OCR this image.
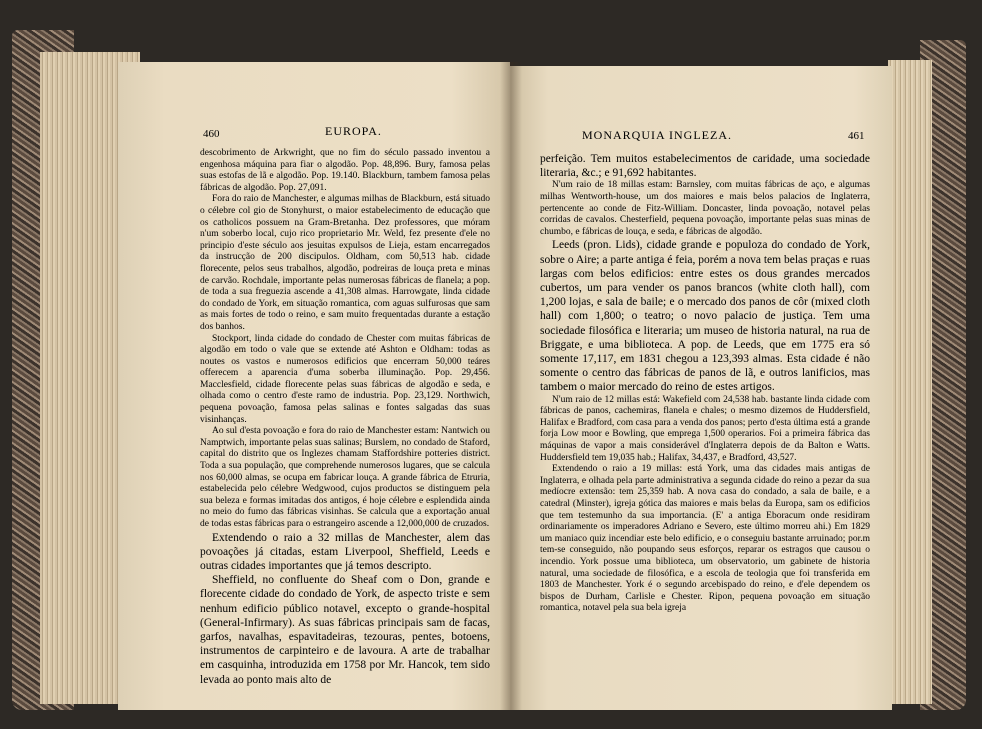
460	EUROPA.	MONARQUIA INGLEZA.	461

descobrimento de Arkwright, que no fim do século passado inventou a engenhosa máquina para fiar o algodão. Pop. 48,896. Bury, famosa pelas suas estofas de lã e algodão. Pop. 19.140. Blackburn, tambem famosa pelas fábricas de algodão. Pop. 27,091.

Fora do raio de Manchester, e algumas milhas de Blackburn, está situado o célebre col gio de Stonyhurst, o maior estabelecimento de educação que os catholicos possuem na Gram-Bretanha. Dez professores, que móram n'um soberbo local, cujo rico proprietario Mr. Weld, fez presente d'ele no principio d'este século aos jesuitas expulsos de Lieja, estam encarregados da instrucção de 200 discipulos. Oldham, com 50,513 hab. cidade florecente, pelos seus trabalhos, algodão, podreiras de louça preta e minas de carvão. Rochdale, importante pelas numerosas fábricas de flanela; a pop. de toda a sua freguezia ascende a 41,308 almas. Harrowgate, linda cidade do condado de York, em situação romantica, com aguas sulfurosas que sam as mais fortes de todo o reino, e sam muito frequentadas durante a estação dos banhos.

Stockport, linda cidade do condado de Chester com muitas fábricas de algodão em todo o vale que se extende até Ashton e Oldham: todas as noutes os vastos e numerosos edificios que encerram 50,000 teáres offerecem a aparencia d'uma soberba illuminação. Pop. 29,456. Macclesfield, cidade florecente pelas suas fábricas de algodão e seda, e olhada como o centro d'este ramo de industria. Pop. 23,129. Northwich, pequena povoação, famosa pelas salinas e fontes salgadas das suas visinhanças.

Ao sul d'esta povoação e fora do raio de Manchester estam: Nantwich ou Namptwich, importante pelas suas salinas; Burslem, no condado de Staford, capital do distrito que os Inglezes chamam Staffordshire potteries district. Toda a sua população, que comprehende numerosos lugares, que se calcula nos 60,000 almas, se ocupa em fabricar louça. A grande fábrica de Etruria, estabelecida pelo célebre Wedgwood, cujos productos se distinguem pela sua beleza e formas imitadas dos antigos, é hoje célebre e esplendida ainda no meio do fumo das fábricas visinhas. Se calcula que a exportação anual de todas estas fábricas para o estrangeiro ascende a 12,000,000 de cruzados.

Extendendo o raio a 32 millas de Manchester, alem das povoações já citadas, estam Liverpool, Sheffield, Leeds e outras cidades importantes que já temos descripto.

Sheffield, no confluente do Sheaf com o Don, grande e florecente cidade do condado de York, de aspecto triste e sem nenhum edificio público notavel, excepto o grande-hospital (General-Infirmary). As suas fábricas principais sam de facas, garfos, navalhas, espavitadeiras, tezouras, pentes, botoens, instrumentos de carpinteiro e de lavoura. A arte de trabalhar em casquinha, introduzida em 1758 por Mr. Hancok, tem sido levada ao ponto mais alto de

perfeição. Tem muitos estabelecimentos de caridade, uma sociedade literaria, &c.; e 91,692 habitantes.

N'um raio de 18 millas estam: Barnsley, com muitas fábricas de aço, e algumas milhas Wentworth-house, um dos maiores e mais belos palacios de Inglaterra, pertencente ao conde de Fitz-William. Doncaster, linda povoação, notavel pelas corridas de cavalos. Chesterfield, pequena povoação, importante pelas suas minas de chumbo, e fábricas de louça, e seda, e fábricas de algodão.

Leeds (pron. Lids), cidade grande e populoza do condado de York, sobre o Aire; a parte antiga é feia, porém a nova tem belas praças e ruas largas com belos edificios: entre estes os dous grandes mercados cubertos, um para vender os panos brancos (white cloth hall), com 1,200 lojas, e sala de baile; e o mercado dos panos de côr (mixed cloth hall) com 1,800; o teatro; o novo palacio de justiça. Tem uma sociedade filosófica e literaria; um museo de historia natural, na rua de Briggate, e uma biblioteca. A pop. de Leeds, que em 1775 era só somente 17,117, em 1831 chegou a 123,393 almas. Esta cidade é não somente o centro das fábricas de panos de lã, e outros lanificios, mas tambem o maior mercado do reino de estes artigos.

N'um raio de 12 millas está: Wakefield com 24,538 hab. bastante linda cidade com fábricas de panos, cachemiras, flanela e chales; o mesmo dizemos de Huddersfield, Halifax e Bradford, com casa para a venda dos panos; perto d'esta última está a grande forja Low moor e Bowling, que emprega 1,500 operarios. Foi a primeira fábrica das máquinas de vapor a mais considerável d'Inglaterra depois de da Balton e Watts. Huddersfield tem 19,035 hab.; Halifax, 34,437, e Bradford, 43,527.

Extendendo o raio a 19 millas: está York, uma das cidades mais antigas de Inglaterra, e olhada pela parte administrativa a segunda cidade do reino a pezar da sua medíocre extensão: tem 25,359 hab. A nova casa do condado, a sala de baile, e a catedral (Minster), igreja gótica das maiores e mais belas da Europa, sam os edificios que tem testemunho da sua importancia. (E' a antiga Eboracum onde residiram ordinariamente os imperadores Adriano e Severo, este último morreu ahi.) Em 1829 um maniaco quiz incendiar este belo edificio, e o conseguiu bastante arruinado; por.m tem-se conseguido, não poupando seus esforços, reparar os estragos que causou o incendio. York possue uma biblioteca, um observatorio, um gabinete de historia natural, uma sociedade de filosófica, e a escola de teologia que foi transferida em 1803 de Manchester. York é o segundo arcebispado do reino, e d'ele dependem os bispos de Durham, Carlisle e Chester. Ripon, pequena povoação em situação romantica, notavel pela sua bela igreja
